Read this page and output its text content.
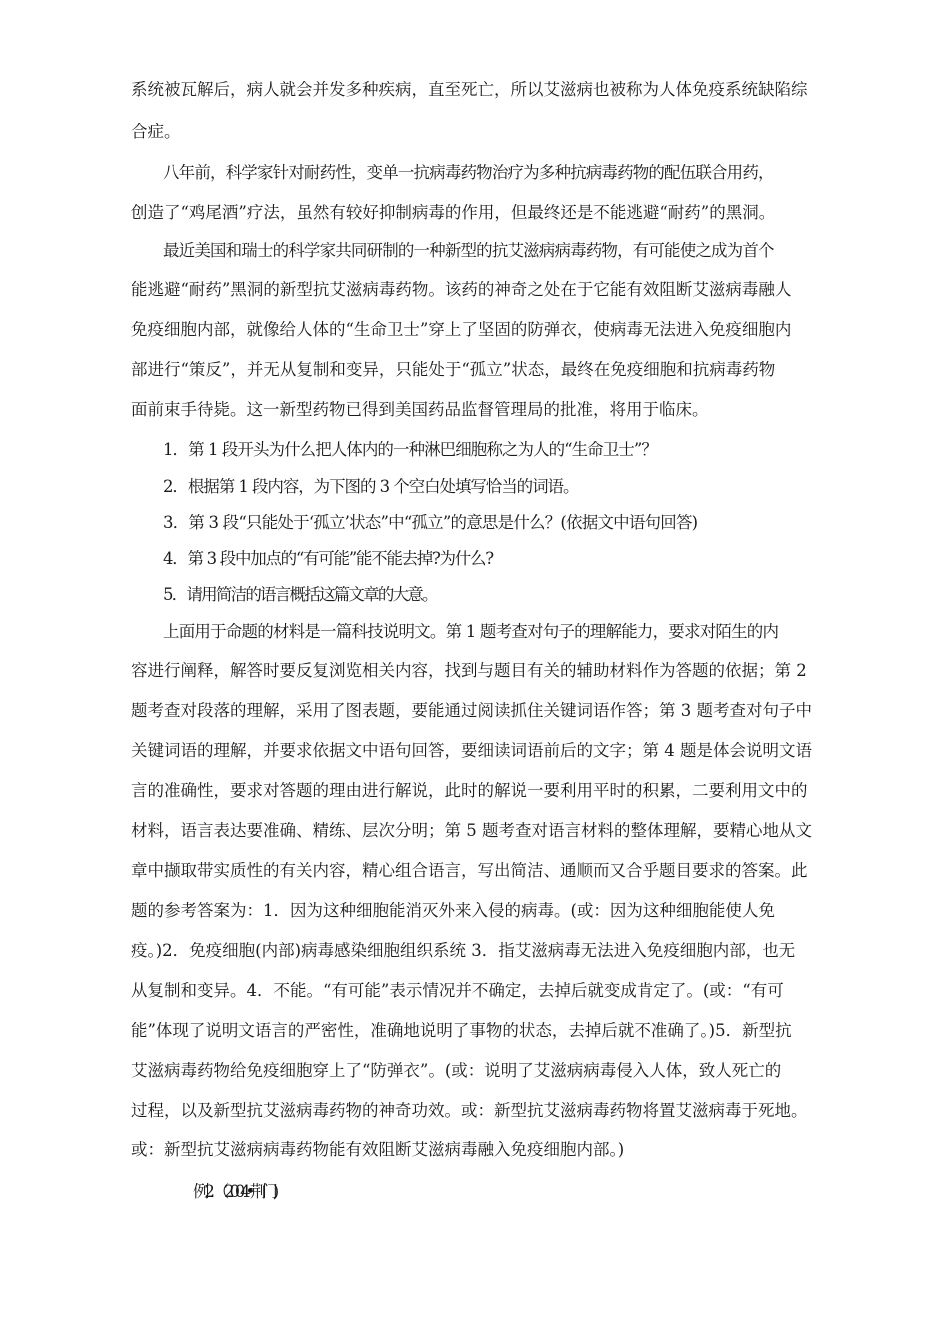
系统被瓦解后，病人就会并发多种疾病，直至死亡，所以艾滋病也被称为人体免疫系统缺陷综
合症。
八年前，科学家针对耐药性，变单一抗病毒药物治疗为多种抗病毒药物的配伍联合用药，
创造了“鸡尾酒”疗法，虽然有较好抑制病毒的作用，但最终还是不能逃避“耐药”的黑洞。
最近美国和瑞士的科学家共同研制的一种新型的抗艾滋病病毒药物，有可能使之成为首个
能逃避“耐药”黑洞的新型抗艾滋病毒药物。该药的神奇之处在于它能有效阻断艾滋病毒融人
免疫细胞内部，就像给人体的“生命卫士”穿上了坚固的防弹衣，使病毒无法进入免疫细胞内
部进行“策反”，并无从复制和变异，只能处于“孤立”状态，最终在免疫细胞和抗病毒药物
面前束手待毙。这一新型药物已得到美国药品监督管理局的批准，将用于临床。
1．第 1 段开头为什么把人体内的一种淋巴细胞称之为人的“生命卫士”？
2．根据第 1 段内容，为下图的 3 个空白处填写恰当的词语。
3．第 3 段“只能处于‘孤立’状态”中“孤立”的意思是什么？(依据文中语句回答)
4．第 3 段中加点的“有可能”能不能去掉?为什么?
5．请用简洁的语言概括这篇文章的大意。
上面用于命题的材料是一篇科技说明文。第 1 题考查对句子的理解能力，要求对陌生的内
容进行阐释，解答时要反复浏览相关内容，找到与题目有关的辅助材料作为答题的依据；第 2
题考查对段落的理解，采用了图表题，要能通过阅读抓住关键词语作答；第 3 题考查对句子中
关键词语的理解，并要求依据文中语句回答，要细读词语前后的文字；第 4 题是体会说明文语
言的准确性，要求对答题的理由进行解说，此时的解说一要利用平时的积累，二要利用文中的
材料，语言表达要准确、精练、层次分明；第 5 题考查对语言材料的整体理解，要精心地从文
章中撷取带实质性的有关内容，精心组合语言，写出简洁、通顺而又合乎题目要求的答案。此
题的参考答案为：1．因为这种细胞能消灭外来入侵的病毒。(或：因为这种细胞能使人免
疫。)2．免疫细胞(内部)病毒感染细胞组织系统 3．指艾滋病毒无法进入免疫细胞内部，也无
从复制和变异。4．不能。“有可能”表示情况并不确定，去掉后就变成肯定了。(或：“有可
能”体现了说明文语言的严密性，准确地说明了事物的状态，去掉后就不准确了。)5．新型抗
艾滋病毒药物给免疫细胞穿上了“防弹衣”。(或：说明了艾滋病病毒侵入人体，致人死亡的
过程，以及新型抗艾滋病毒药物的神奇功效。或：新型抗艾滋病毒药物将置艾滋病毒于死地。
或：新型抗艾滋病病毒药物能有效阻断艾滋病毒融入免疫细胞内部。)
例 2．（2004•荆门)
